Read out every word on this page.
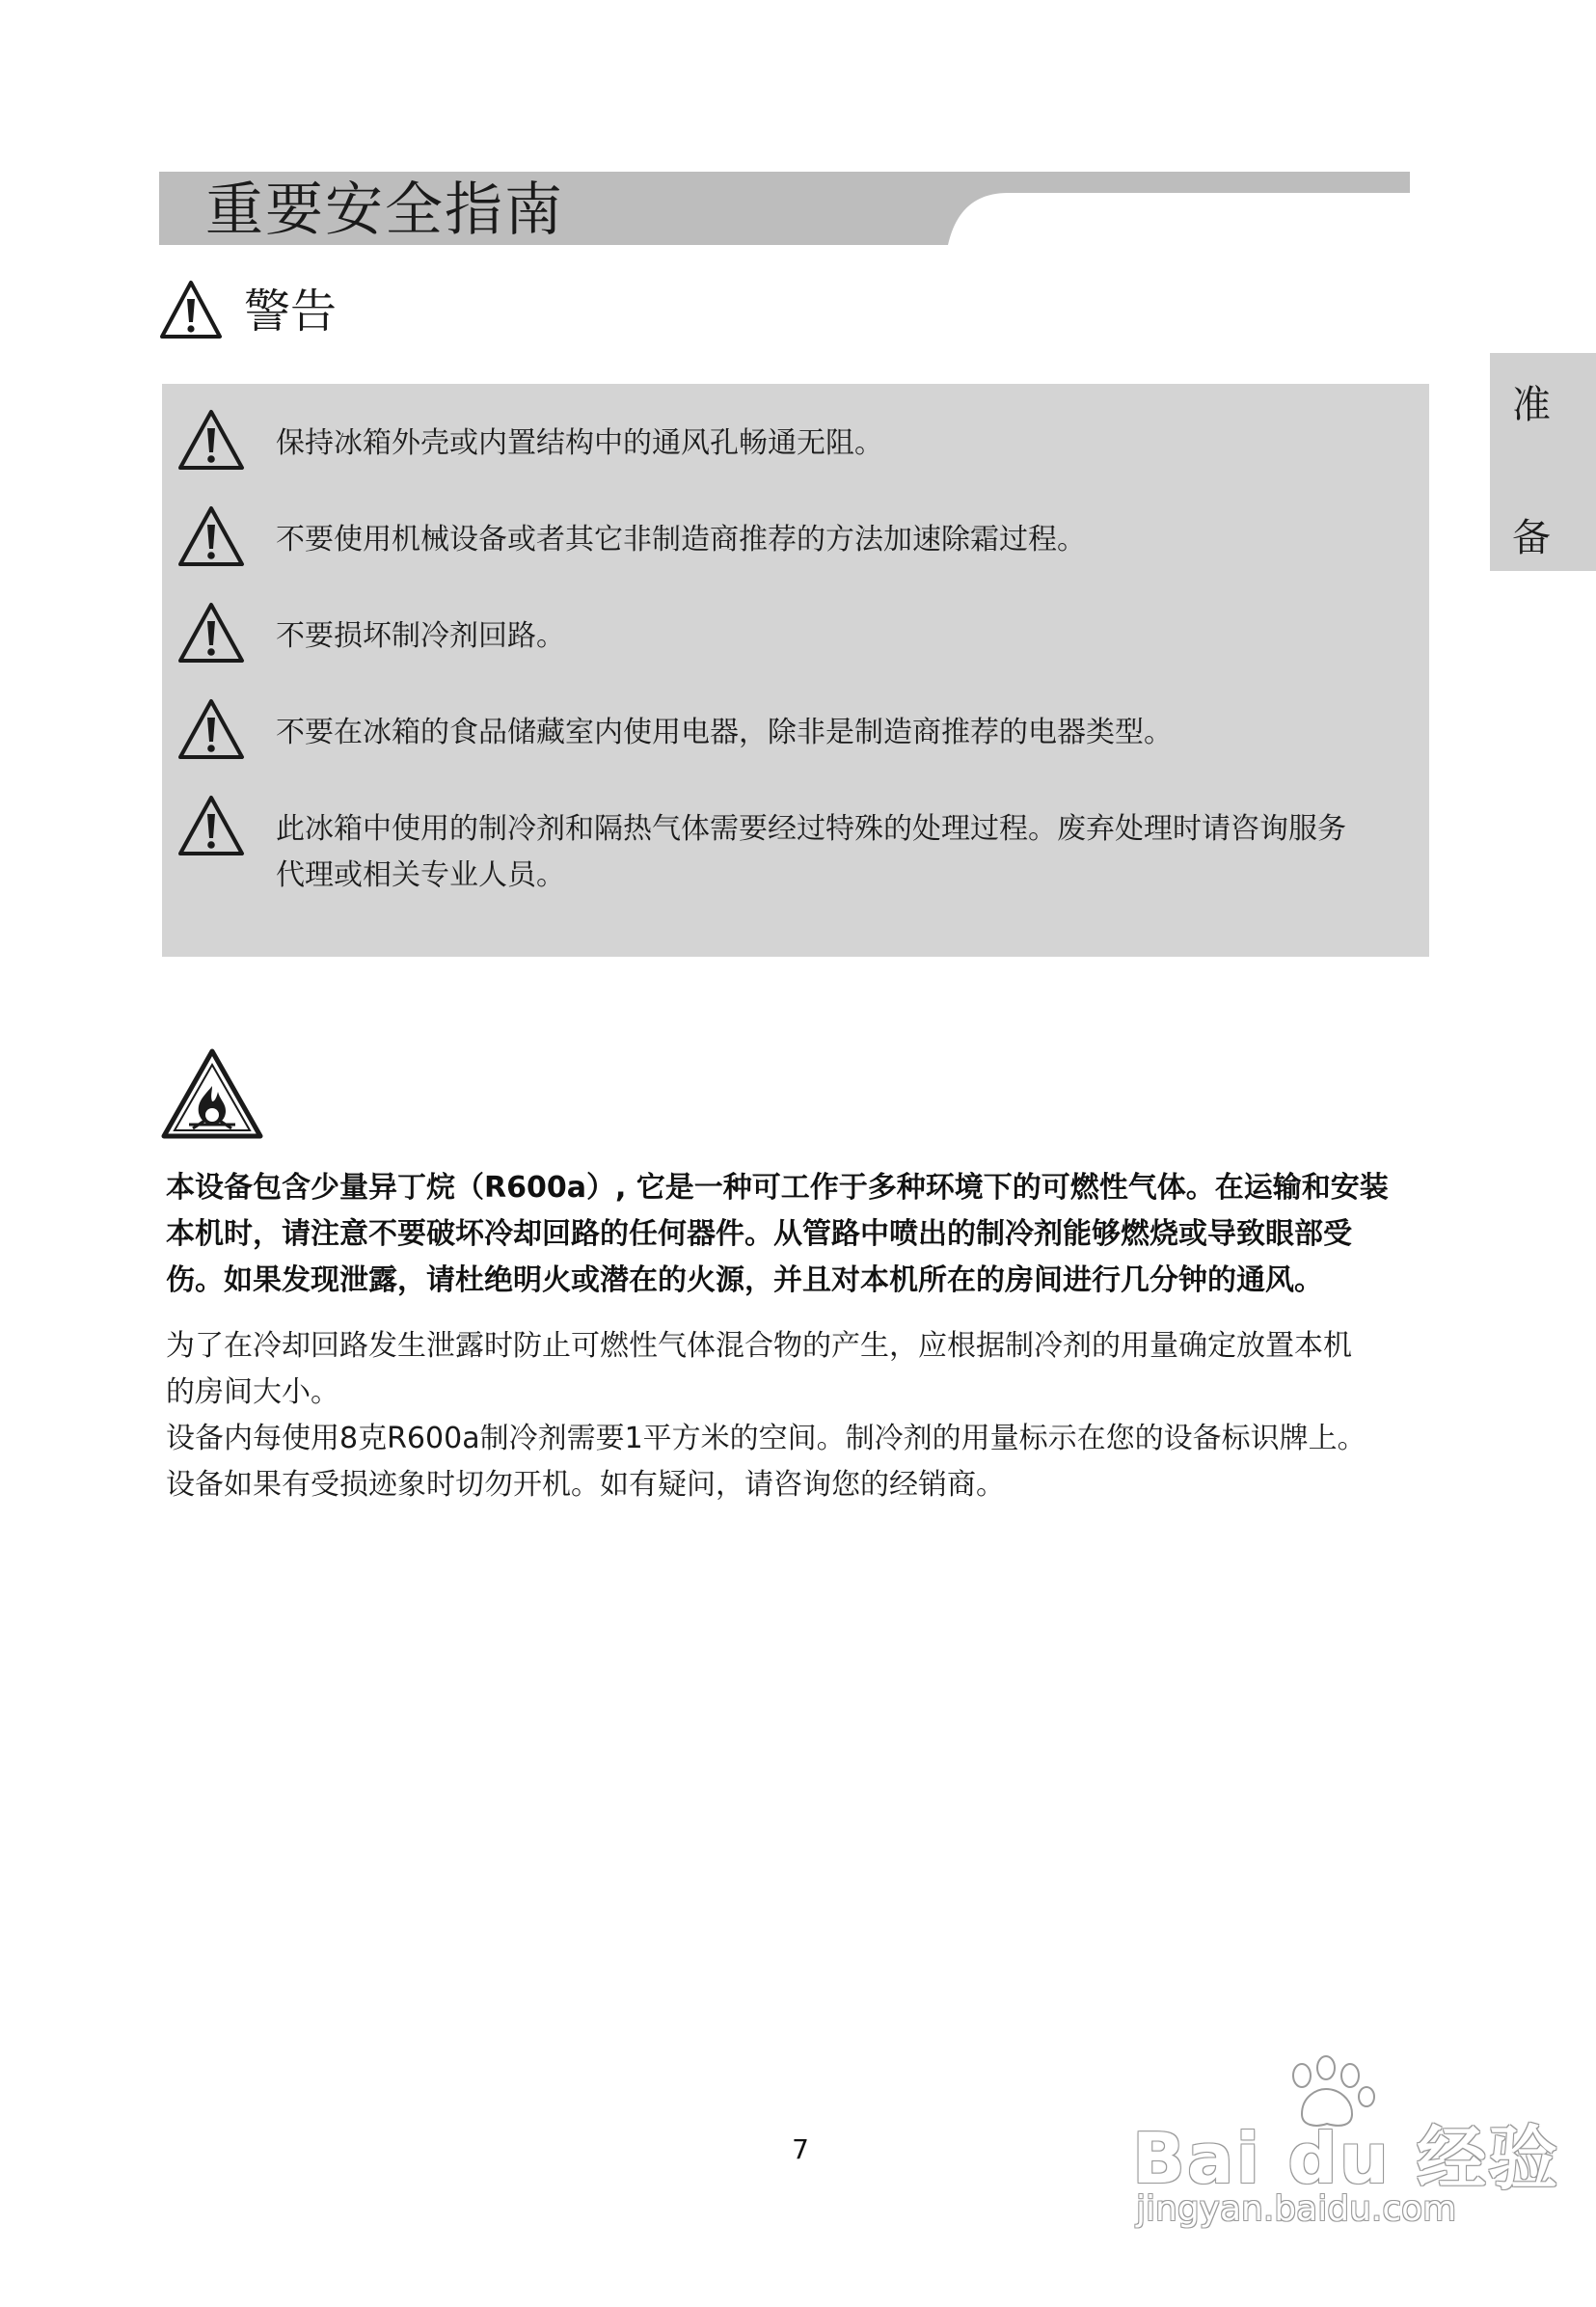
重要安全指南
准
备
警告
保持冰箱外壳或内置结构中的通风孔畅通无阻。
不要使用机械设备或者其它非制造商推荐的方法加速除霜过程。
不要损坏制冷剂回路。
不要在冰箱的食品储藏室内使用电器，除非是制造商推荐的电器类型。
此冰箱中使用的制冷剂和隔热气体需要经过特殊的处理过程。废弃处理时请咨询服务
代理或相关专业人员。
本设备包含少量异丁烷（R600a）, 它是一种可工作于多种环境下的可燃性气体。在运输和安装
本机时，请注意不要破坏冷却回路的任何器件。从管路中喷出的制冷剂能够燃烧或导致眼部受
伤。如果发现泄露，请杜绝明火或潜在的火源，并且对本机所在的房间进行几分钟的通风。
为了在冷却回路发生泄露时防止可燃性气体混合物的产生，应根据制冷剂的用量确定放置本机
的房间大小。
设备内每使用8克R600a制冷剂需要1平方米的空间。制冷剂的用量标示在您的设备标识牌上。
设备如果有受损迹象时切勿开机。如有疑问，请咨询您的经销商。
7	Bai du 经验
jingyan.baidu.com
